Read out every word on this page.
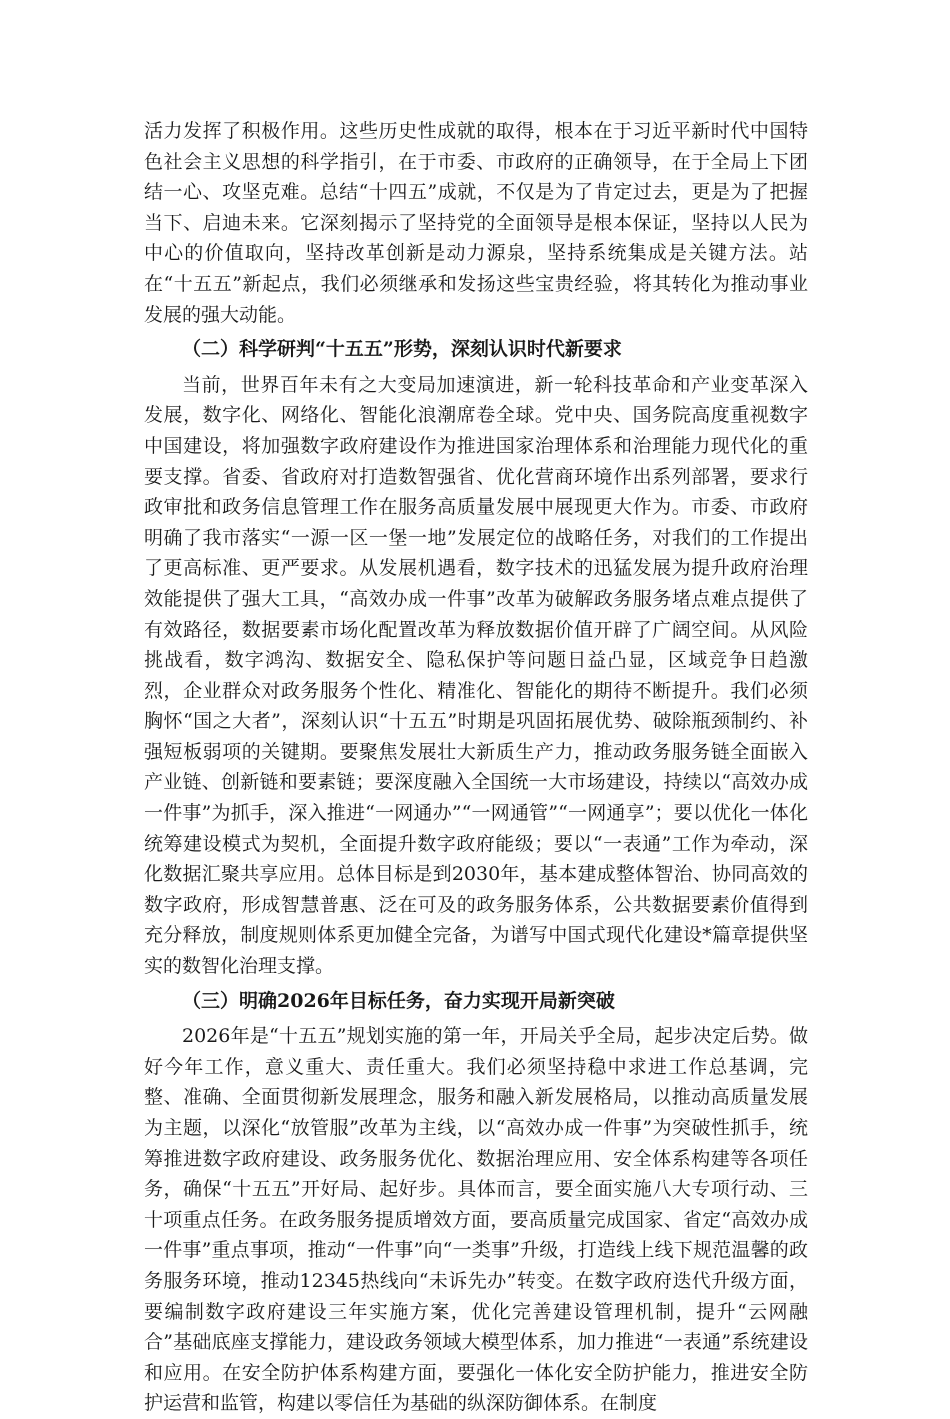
活力发挥了积极作用。这些历史性成就的取得，根本在于习近平新时代中国特色社会主义思想的科学指引，在于市委、市政府的正确领导，在于全局上下团结一心、攻坚克难。总结“十四五”成就，不仅是为了肯定过去，更是为了把握当下、启迪未来。它深刻揭示了坚持党的全面领导是根本保证，坚持以人民为中心的价值取向，坚持改革创新是动力源泉，坚持系统集成是关键方法。站在“十五五”新起点，我们必须继承和发扬这些宝贵经验，将其转化为推动事业发展的强大动能。

（二）科学研判“十五五”形势，深刻认识时代新要求

当前，世界百年未有之大变局加速演进，新一轮科技革命和产业变革深入发展，数字化、网络化、智能化浪潮席卷全球。党中央、国务院高度重视数字中国建设，将加强数字政府建设作为推进国家治理体系和治理能力现代化的重要支撑。省委、省政府对打造数智强省、优化营商环境作出系列部署，要求行政审批和政务信息管理工作在服务高质量发展中展现更大作为。市委、市政府明确了我市落实“一源一区一堡一地”发展定位的战略任务，对我们的工作提出了更高标准、更严要求。从发展机遇看，数字技术的迅猛发展为提升政府治理效能提供了强大工具，“高效办成一件事”改革为破解政务服务堵点难点提供了有效路径，数据要素市场化配置改革为释放数据价值开辟了广阔空间。从风险挑战看，数字鸿沟、数据安全、隐私保护等问题日益凸显，区域竞争日趋激烈，企业群众对政务服务个性化、精准化、智能化的期待不断提升。我们必须胸怀“国之大者”，深刻认识“十五五”时期是巩固拓展优势、破除瓶颈制约、补强短板弱项的关键期。要聚焦发展壮大新质生产力，推动政务服务链全面嵌入产业链、创新链和要素链；要深度融入全国统一大市场建设，持续以“高效办成一件事”为抓手，深入推进“一网通办”“一网通管”“一网通享”；要以优化一体化统筹建设模式为契机，全面提升数字政府能级；要以“一表通”工作为牵动，深化数据汇聚共享应用。总体目标是到2030年，基本建成整体智治、协同高效的数字政府，形成智慧普惠、泛在可及的政务服务体系，公共数据要素价值得到充分释放，制度规则体系更加健全完备，为谱写中国式现代化建设*篇章提供坚实的数智化治理支撑。

（三）明确2026年目标任务，奋力实现开局新突破

2026年是“十五五”规划实施的第一年，开局关乎全局，起步决定后势。做好今年工作，意义重大、责任重大。我们必须坚持稳中求进工作总基调，完整、准确、全面贯彻新发展理念，服务和融入新发展格局，以推动高质量发展为主题，以深化“放管服”改革为主线，以“高效办成一件事”为突破性抓手，统筹推进数字政府建设、政务服务优化、数据治理应用、安全体系构建等各项任务，确保“十五五”开好局、起好步。具体而言，要全面实施八大专项行动、三十项重点任务。在政务服务提质增效方面，要高质量完成国家、省定“高效办成一件事”重点事项，推动“一件事”向“一类事”升级，打造线上线下规范温馨的政务服务环境，推动12345热线向“未诉先办”转变。在数字政府迭代升级方面，要编制数字政府建设三年实施方案，优化完善建设管理机制，提升“云网融合”基础底座支撑能力，建设政务领域大模型体系，加力推进“一表通”系统建设和应用。在安全防护体系构建方面，要强化一体化安全防护能力，推进安全防护运营和监管，构建以零信任为基础的纵深防御体系。在制度
